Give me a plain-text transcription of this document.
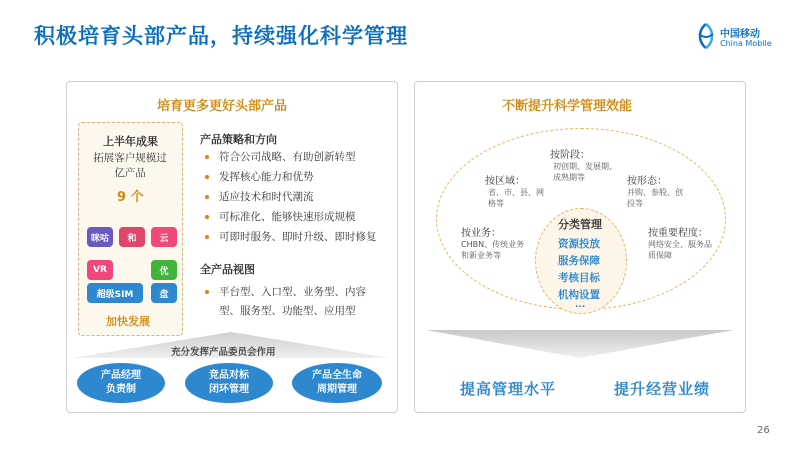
积极培育头部产品，持续强化科学管理	中国移动
China Mobile
培育更多更好头部产品
上半年成果
拓展客户规模过亿产品
9 个
咪咕	和	云
VR	优
盘
超级SIM
加快发展
产品策略和方向
符合公司战略、有助创新转型
发挥核心能力和优势
适应技术和时代潮流
可标准化、能够快速形成规模
可即时服务、即时升级、即时修复
全产品视图
平台型、入口型、业务型、内容
型、服务型、功能型、应用型
充分发挥产品委员会作用
产品经理
负责制
竞品对标
闭环管理
产品全生命
周期管理
不断提升科学管理效能
分类管理
资源投放
服务保障
考核目标
机构设置
...
按阶段：
初创期、发展期、成熟期等
按区域：
省、市、县、网格等
按形态：
并购、参股、创投等
按业务：
CHBN、传统业务和新业务等
按重要程度：
网络安全、服务品质保障
提高管理水平	提升经营业绩
26
